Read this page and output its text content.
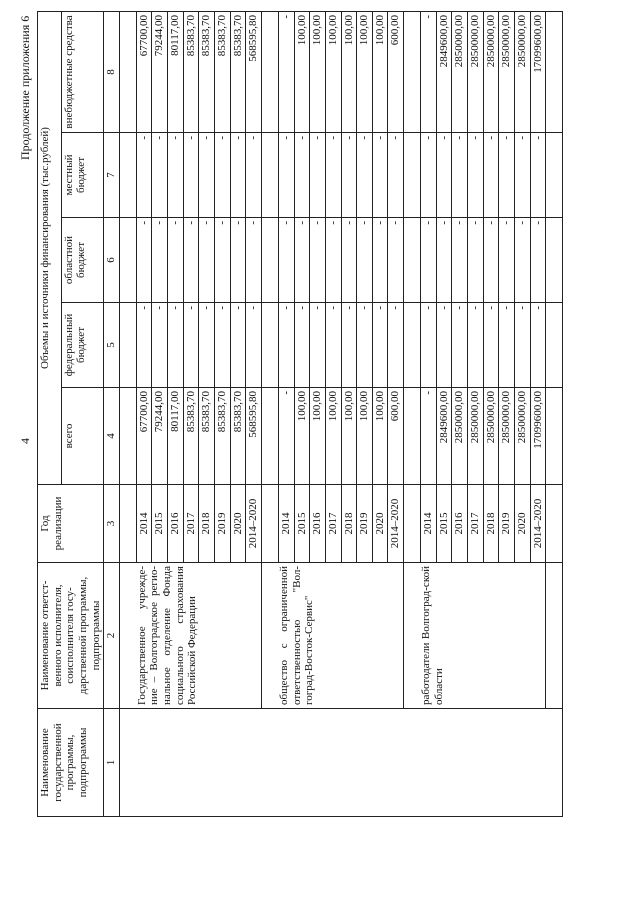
4
Продолжение приложения 6
Наименование государственной программы, подпрограммы	Наименование ответст-венного исполнителя, соисполнителя госу-дарственной программы, подпрограммы	Год реализации	Объемы и источники финансирования (тыс.рублей)				
			всего	федеральный бюджет	областной бюджет	местный бюджет	внебюджетные средства
1	2	3	4	5	6	7	8
	Государственное учрежде-ние – Волгоградское регио-нальное отделение Фонда социального страхования Российской Федерации						
		2014	67700,00	-	-	-	67700,00
		2015	79244,00	-	-	-	79244,00
		2016	80117,00	-	-	-	80117,00
		2017	85383,70	-	-	-	85383,70
		2018	85383,70	-	-	-	85383,70
		2019	85383,70	-	-	-	85383,70
		2020	85383,70	-	-	-	85383,70
		2014–2020	568595,80	-	-	-	568595,80
	общество с ограниченной ответственностью "Вол-гоград-Восток-Сервис"						
		2014	-	-	-	-	-
		2015	100,00	-	-	-	100,00
		2016	100,00	-	-	-	100,00
		2017	100,00	-	-	-	100,00
		2018	100,00	-	-	-	100,00
		2019	100,00	-	-	-	100,00
		2020	100,00	-	-	-	100,00
		2014–2020	600,00	-	-	-	600,00
	работодатели Волгоград-ской области						
		2014	-	-	-	-	-
		2015	2849600,00	-	-	-	2849600,00
		2016	2850000,00	-	-	-	2850000,00
		2017	2850000,00	-	-	-	2850000,00
		2018	2850000,00	-	-	-	2850000,00
		2019	2850000,00	-	-	-	2850000,00
		2020	2850000,00	-	-	-	2850000,00
		2014–2020	17099600,00	-	-	-	17099600,00
